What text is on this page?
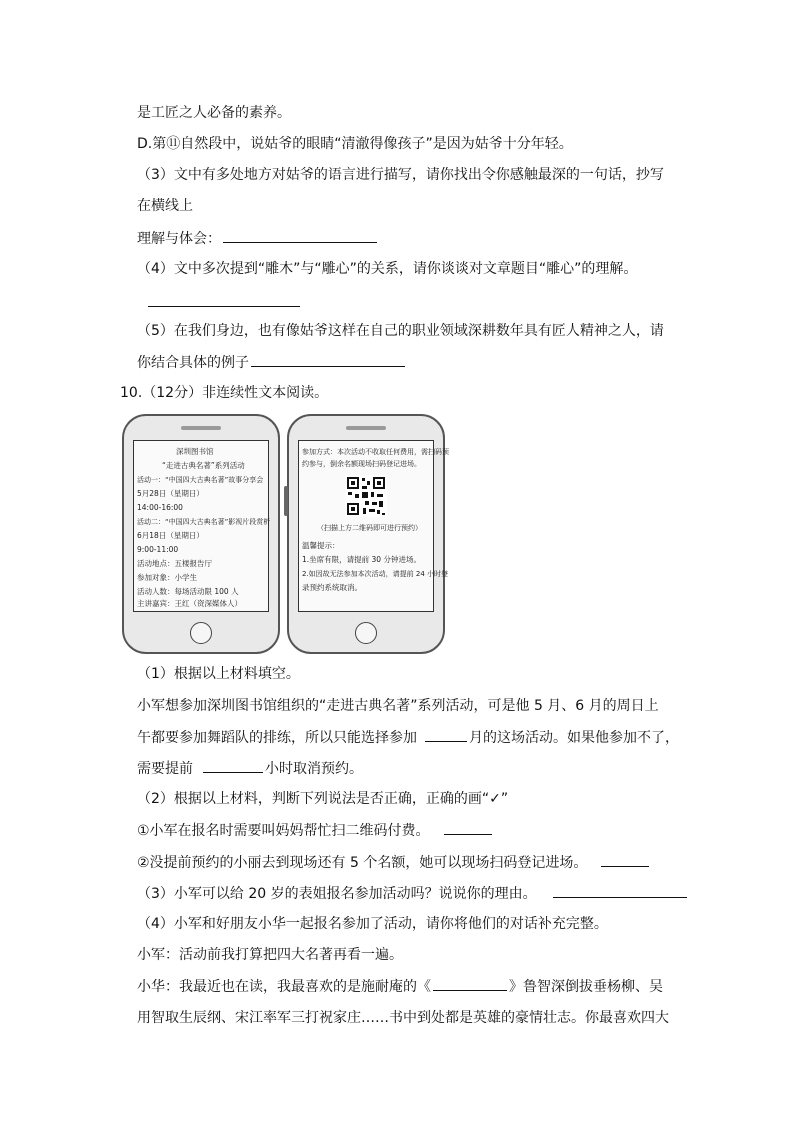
是工匠之人必备的素养。
D.第⑪自然段中，说姑爷的眼睛“清澈得像孩子”是因为姑爷十分年轻。
（3）文中有多处地方对姑爷的语言进行描写，请你找出令你感触最深的一句话，抄写
在横线上
理解与体会：
（4）文中多次提到“雕木”与“雕心”的关系，请你谈谈对文章题目“雕心”的理解。
（5）在我们身边，也有像姑爷这样在自己的职业领域深耕数年具有匠人精神之人，请
你结合具体的例子
10.（12分）非连续性文本阅读。
深圳图书馆
“走进古典名著”系列活动
活动一：“中国四大古典名著”故事分享会
5月28日（星期日）
14:00-16:00
活动二：“中国四大古典名著”影视片段赏析
6月18日（星期日）
9:00-11:00
活动地点：五楼报告厅
参加对象：小学生
活动人数：每场活动限 100 人
主讲嘉宾：王红（资深媒体人）
参加方式：本次活动不收取任何费用，需扫码预
约参与，倒余名额现场扫码登记进场。
（扫描上方二维码即可进行预约）
温馨提示：
1.坐席有限，请提前 30 分钟进场。
2.如因故无法参加本次活动，请提前 24 小时登
录预约系统取消。
（1）根据以上材料填空。
小军想参加深圳图书馆组织的“走进古典名著”系列活动，可是他 5 月、6 月的周日上
午都要参加舞蹈队的排练，所以只能选择参加	月的这场活动。如果他参加不了，
需要提前	小时取消预约。
（2）根据以上材料，判断下列说法是否正确，正确的画“✓”
①小军在报名时需要叫妈妈帮忙扫二维码付费。
②没提前预约的小丽去到现场还有 5 个名额，她可以现场扫码登记进场。
（3）小军可以给 20 岁的表姐报名参加活动吗？说说你的理由。
（4）小军和好朋友小华一起报名参加了活动，请你将他们的对话补充完整。
小军：活动前我打算把四大名著再看一遍。
小华：我最近也在读，我最喜欢的是施耐庵的《	》鲁智深倒拔垂杨柳、吴
用智取生辰纲、宋江率军三打祝家庄……书中到处都是英雄的豪情壮志。你最喜欢四大
